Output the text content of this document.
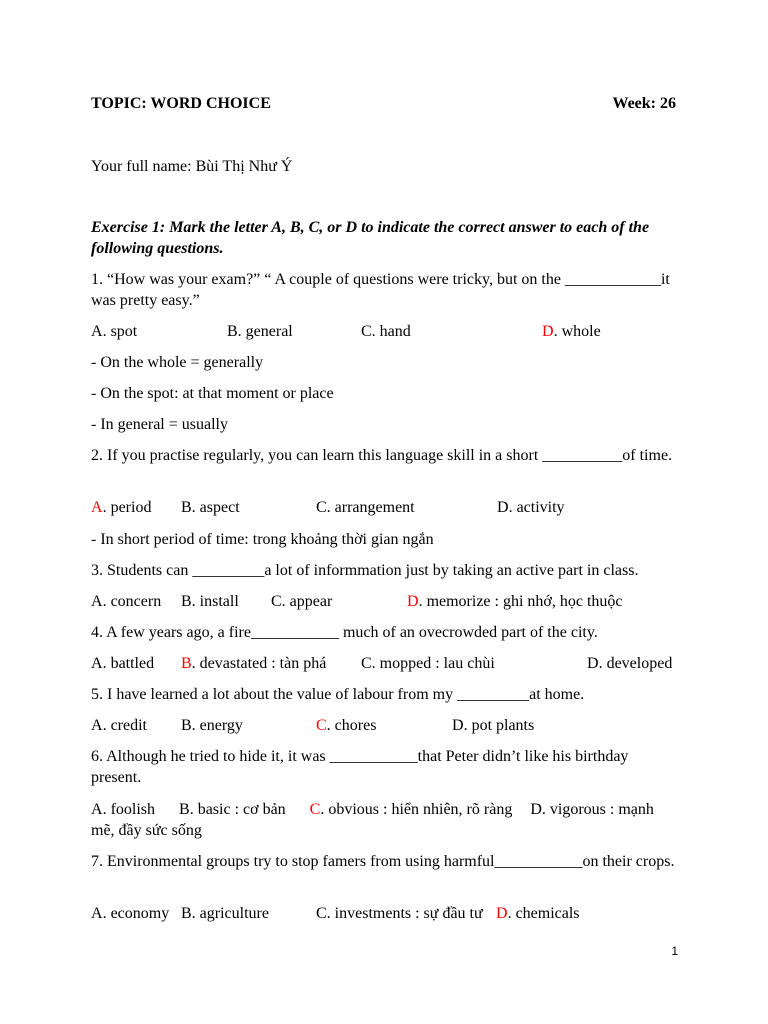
TOPIC: WORD CHOICE	Week: 26
Your full name: Bùi Thị Như Ý
Exercise 1: Mark the letter A, B, C, or D to indicate the correct answer to each of the following questions.
1. “How was your exam?” “ A couple of questions were tricky, but on the ____________it was pretty easy.”
A. spot	B. general	C. hand	D. whole
- On the whole = generally
- On the spot: at that moment or place
- In general = usually
2. If you practise regularly, you can learn this language skill in a short __________of time.
A. period B. aspect	C. arrangement	D. activity
- In short period of time: trong khoảng thời gian ngắn
3. Students can _________a lot of informmation just by taking an active part in class.
A. concern B. install C. appear	D. memorize : ghi nhớ, học thuộc
4. A few years ago, a fire___________ much of an ovecrowded part of the city.
A. battled B. devastated : tàn phá C. mopped : lau chùi	D. developed
5. I have learned a lot about the value of labour from my _________at home.
A. credit B. energy	C. chores	D. pot plants
6. Although he tried to hide it, it was ___________that Peter didn’t like his birthday present.
A. foolish B. basic : cơ bản C. obvious : hiển nhiên, rõ ràng D. vigorous : mạnh mẽ, đầy sức sống
7. Environmental groups try to stop famers from using harmful___________on their crops.
A. economy B. agriculture	C. investments : sự đầu tư D. chemicals
1
